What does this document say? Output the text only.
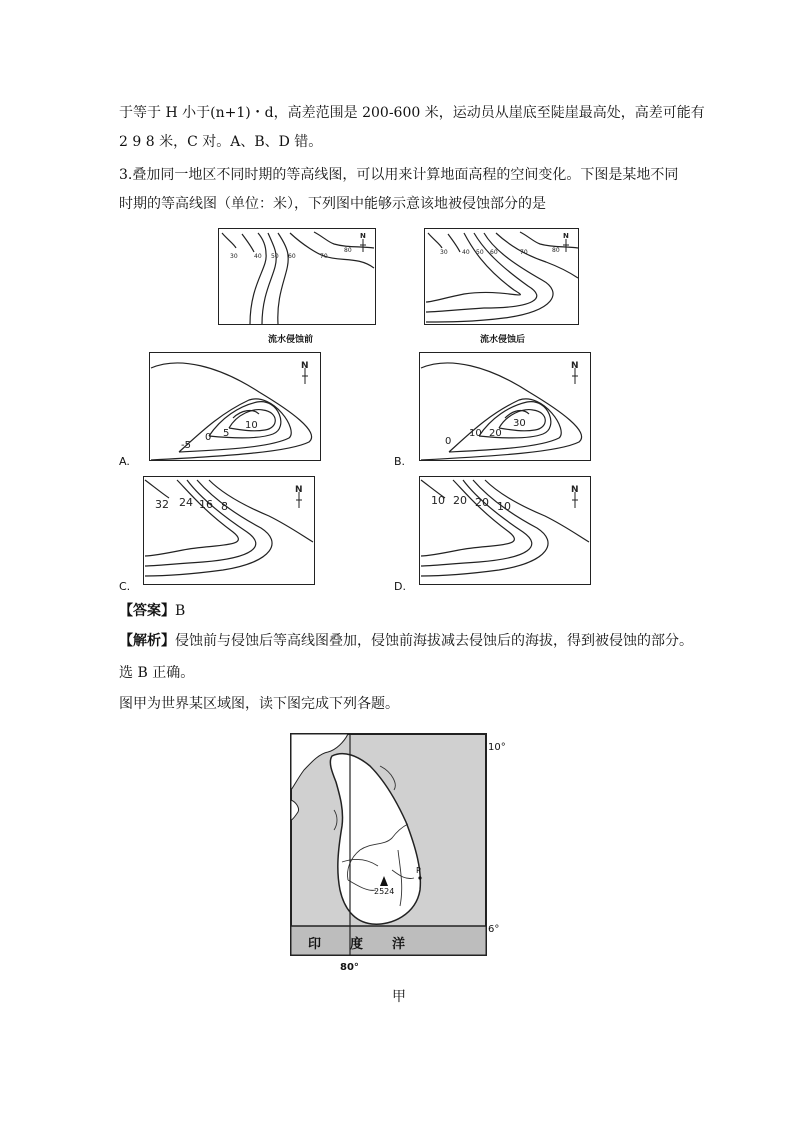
于等于 H 小于(n+1)・d，高差范围是 200-600 米，运动员从崖底至陡崖最高处，高差可能有
2 9 8 米，C 对。A、B、D 错。
3.叠加同一地区不同时期的等高线图，可以用来计算地面高程的空间变化。下图是某地不同
时期的等高线图（单位：米），下列图中能够示意该地被侵蚀部分的是
30	40 50 60	70
80
N
流水侵蚀前
30 40 50 60	70	80
N
流水侵蚀后
-5
0 5
10
N
A.
0
10 20
30
N
B.
32 24 16 8
N
C.
10 20 20 10
N
D.
【答案】B
【解析】侵蚀前与侵蚀后等高线图叠加，侵蚀前海拔减去侵蚀后的海拔，得到被侵蚀的部分。
选 B 正确。
图甲为世界某区域图，读下图完成下列各题。
2524
P
印　度　洋
10°
6°
80°
甲
